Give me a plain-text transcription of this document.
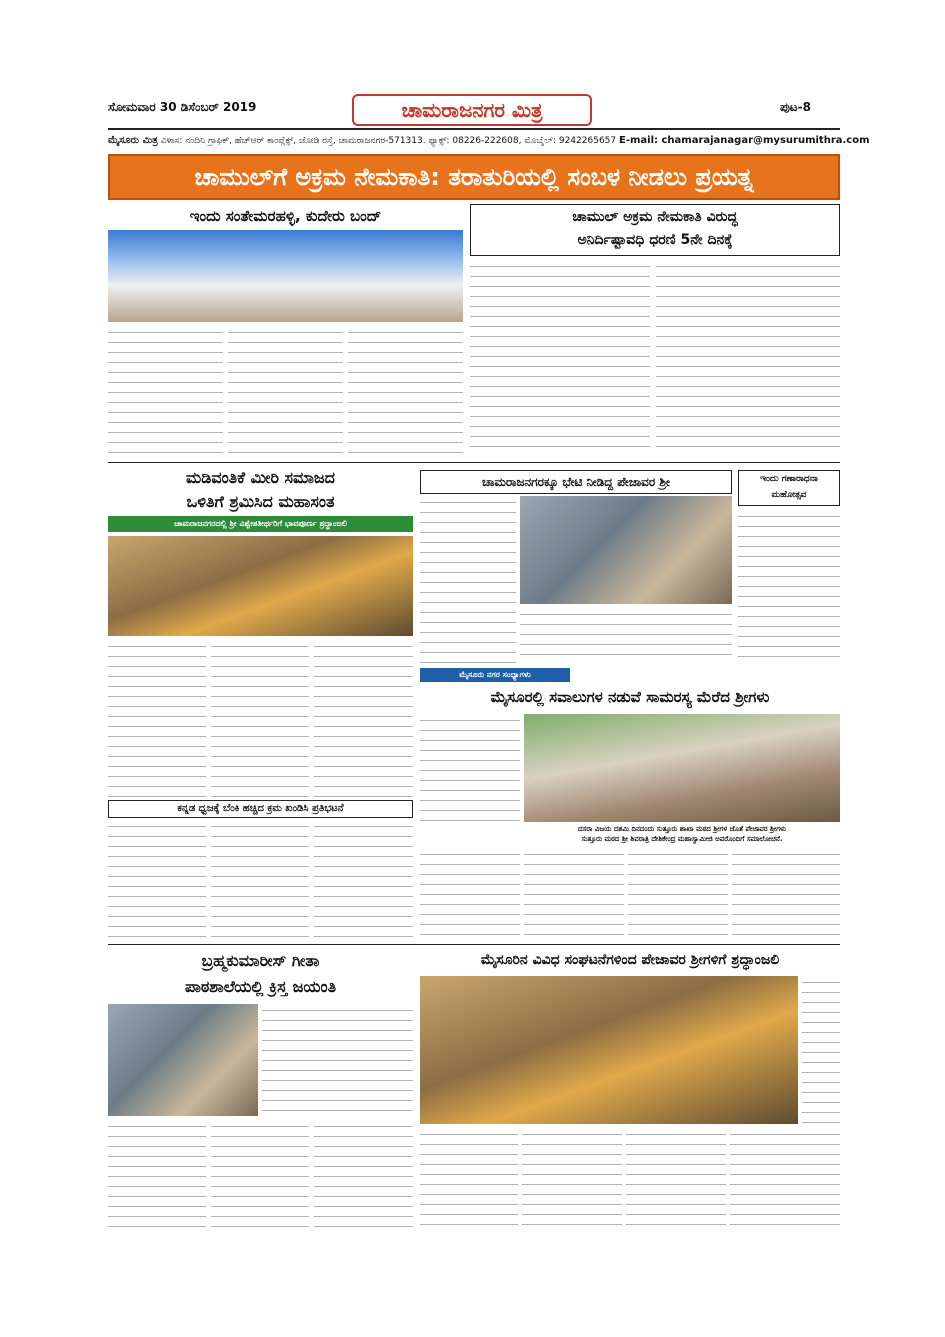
ಸೋಮವಾರ 30 ಡಿಸೆಂಬರ್ 2019	ಚಾಮರಾಜನಗರ ಮಿತ್ರ	ಪುಟ-8
ಮೈಸೂರು ಮಿತ್ರ ವಿಳಾಸ: ನಂದಿನಿ ಗ್ರಾಫಿಕ್, ಹೆಚ್‌ಆರ್ ಕಾಂಪ್ಲೆಕ್ಸ್, ಜೋಡಿ ರಸ್ತೆ, ಚಾಮರಾಜನಗರ-571313. ಫ್ಯಾಕ್ಸ್: 08226-222608, ಮೊಬೈಲ್: 9242265657 E-mail: chamarajanagar@mysurumithra.com
ಚಾಮುಲ್‌ಗೆ ಅಕ್ರಮ ನೇಮಕಾತಿ: ತರಾತುರಿಯಲ್ಲಿ ಸಂಬಳ ನೀಡಲು ಪ್ರಯತ್ನ
ಇಂದು ಸಂತೇಮರಹಳ್ಳಿ, ಕುದೇರು ಬಂದ್	ಚಾಮುಲ್ ಅಕ್ರಮ ನೇಮಕಾತಿ ವಿರುದ್ಧ
ಅನಿರ್ದಿಷ್ಟಾವಧಿ ಧರಣಿ 5ನೇ ದಿನಕ್ಕೆ
ಮಡಿವಂತಿಕೆ ಮೀರಿ ಸಮಾಜದ
ಒಳಿತಿಗೆ ಶ್ರಮಿಸಿದ ಮಹಾಸಂತ
ಚಾಮರಾಜನಗರದಲ್ಲಿ ಶ್ರೀ ವಿಶ್ವೇಶತೀರ್ಥರಿಗೆ ಭಾವಪೂರ್ಣ ಶ್ರದ್ಧಾಂಜಲಿ
ಕನ್ನಡ ಧ್ವಜಕ್ಕೆ ಬೆಂಕಿ ಹಚ್ಚಿದ ಕ್ರಮ ಖಂಡಿಸಿ ಪ್ರತಿಭಟನೆ
ಚಾಮರಾಜನಗರಕ್ಕೂ ಭೇಟಿ ನೀಡಿದ್ದ ಪೇಜಾವರ ಶ್ರೀ	ಇಂದು ಗಣಾರಾಧನಾ
ಮಹೋತ್ಸವ
ಮೈಸೂರು ನಗರ ಸಂಧ್ಯಾಗಳು
ಮೈಸೂರಲ್ಲಿ ಸವಾಲುಗಳ ನಡುವೆ ಸಾಮರಸ್ಯ ಮೆರೆದ ಶ್ರೀಗಳು
ದಸರಾ ವಿಜಯ ದಶಮಿ ದಿನದಂದು ಸುತ್ತೂರು ಶಾಖಾ ಮಠದ ಶ್ರೀಗಳ ಜೊತೆ ಪೇಜಾವರ ಶ್ರೀಗಳು
ಸುತ್ತೂರು ಮಠದ ಶ್ರೀ ಶಿವರಾತ್ರಿ ದೇಶಿಕೇಂದ್ರ ಮಹಾಸ್ವಾಮೀಜಿ ಅವರೊಂದಿಗೆ ಸಮಾಲೋಚನೆ.
ಬ್ರಹ್ಮಕುಮಾರೀಸ್ ಗೀತಾ
ಪಾಠಶಾಲೆಯಲ್ಲಿ ಕ್ರಿಸ್ತ ಜಯಂತಿ
ಮೈಸೂರಿನ ವಿವಿಧ ಸಂಘಟನೆಗಳಿಂದ ಪೇಜಾವರ ಶ್ರೀಗಳಿಗೆ ಶ್ರದ್ಧಾಂಜಲಿ
